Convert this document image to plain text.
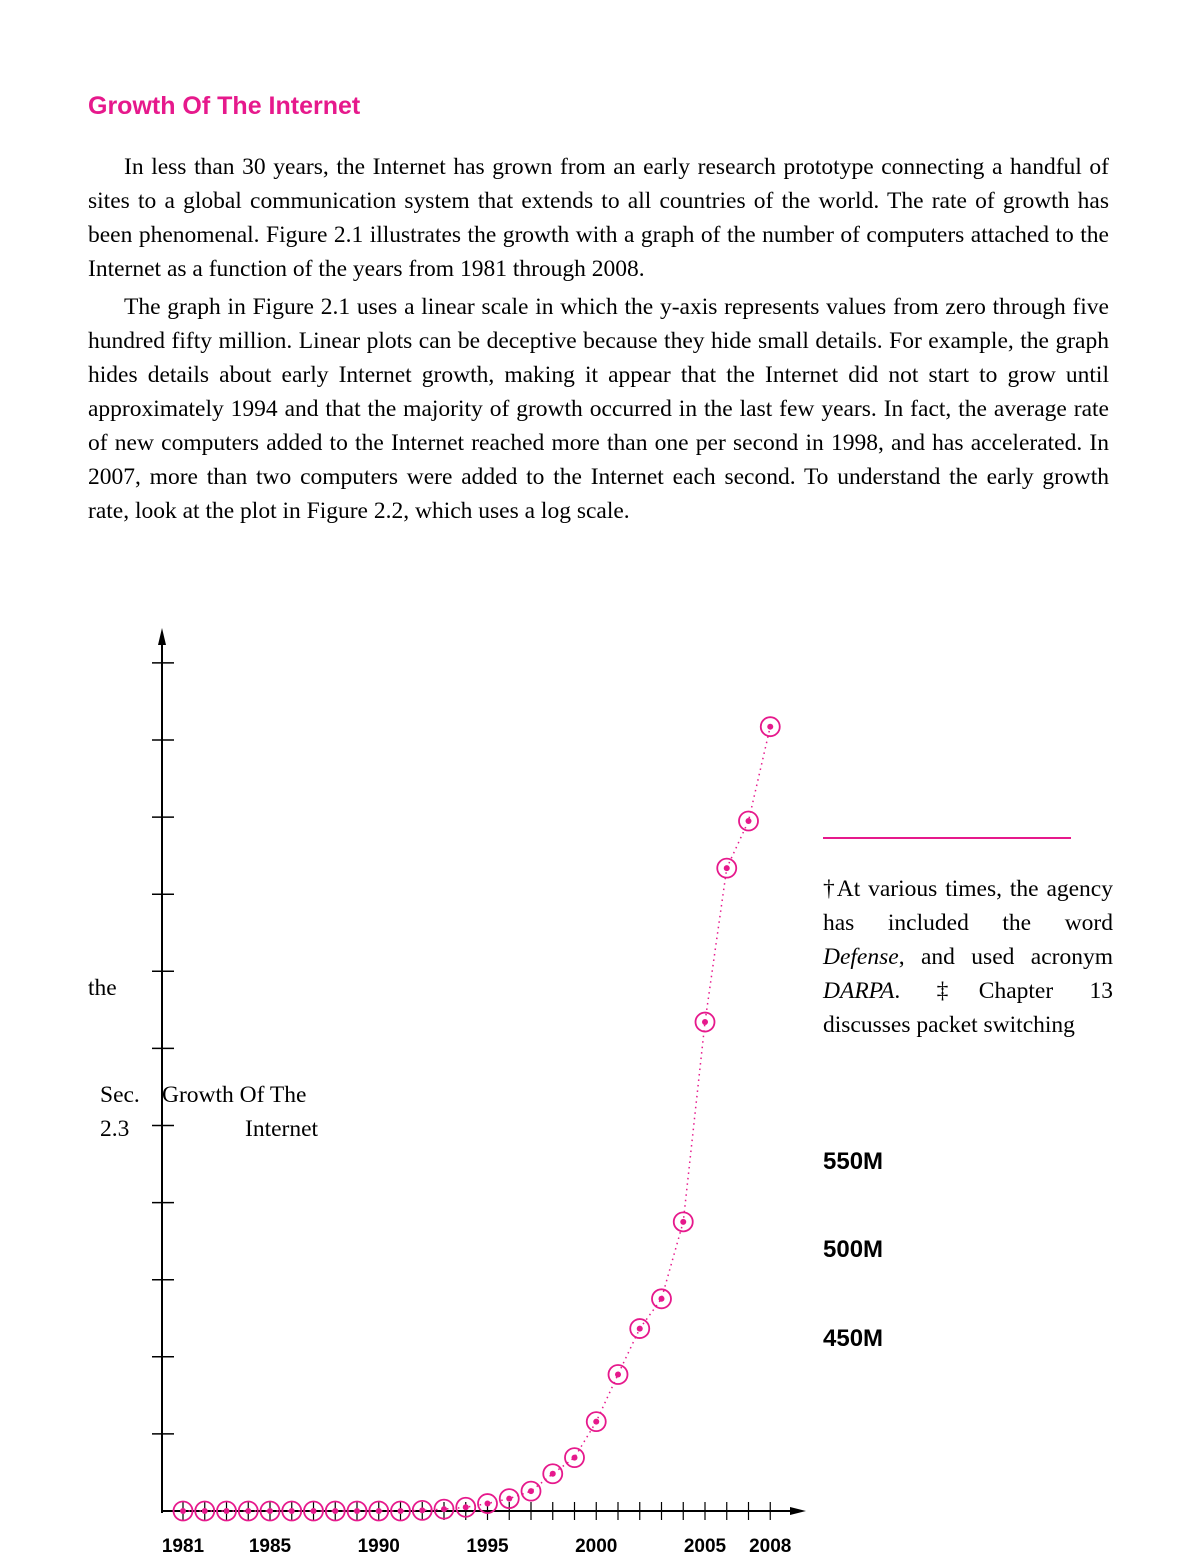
Growth Of The Internet

In less than 30 years, the Internet has grown from an early research prototype connecting a handful of sites to a global communication system that extends to all countries of the world. The rate of growth has been phenomenal. Figure 2.1 illustrates the growth with a graph of the number of computers attached to the Internet as a function of the years from 1981 through 2008.

The graph in Figure 2.1 uses a linear scale in which the y-axis represents values from zero through five hundred fifty million. Linear plots can be deceptive because they hide small details. For example, the graph hides details about early Internet growth, making it appear that the Internet did not start to grow until approximately 1994 and that the majority of growth occurred in the last few years. In fact, the average rate of new computers added to the Internet reached more than one per second in 1998, and has accelerated. In 2007, more than two computers were added to the Internet each second. To understand the early growth rate, look at the plot in Figure 2.2, which uses a log scale.

1981 1985	1990	1995	2000	2005 2008
the
Sec.
2.3
Growth Of The
Internet
†At various times, the agency has included the word Defense, and used acronym DARPA. ‡Chapter 13 discusses packet switching
550M
500M
450M
